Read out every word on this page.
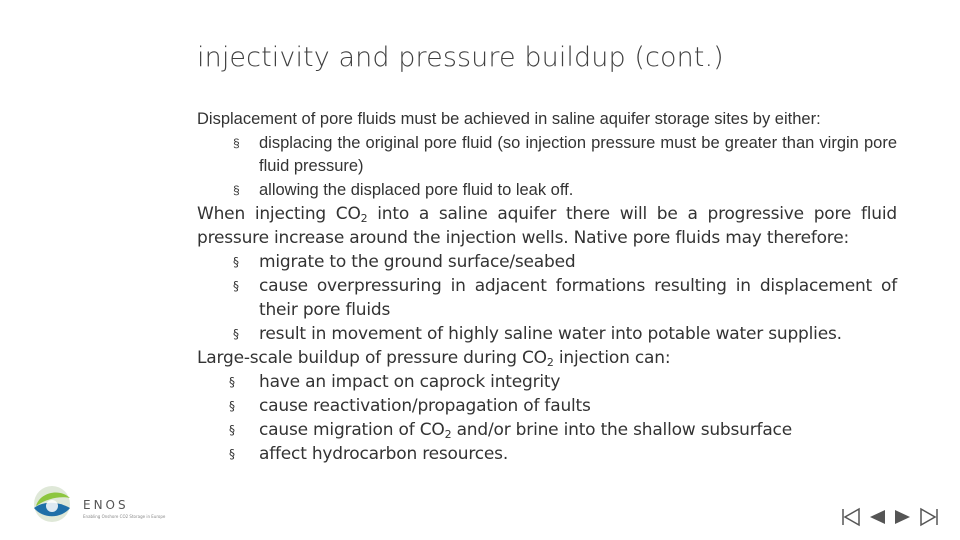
injectivity and pressure buildup (cont.)

Displacement of pore fluids must be achieved in saline aquifer storage sites by either:

§ displacing the original pore fluid (so injection pressure must be greater than virgin pore fluid pressure)
§ allowing the displaced pore fluid to leak off.

When injecting $CO_2$ into a saline aquifer there will be a progressive pore fluid pressure increase around the injection wells. Native pore fluids may therefore:

§ migrate to the ground surface/seabed
§ cause overpressuring in adjacent formations resulting in displacement of their pore fluids
§ result in movement of highly saline water into potable water supplies.

Large-scale buildup of pressure during $CO_2$ injection can:

§ have an impact on caprock integrity
§ cause reactivation/propagation of faults
§ cause migration of $CO_2$ and/or brine into the shallow subsurface
§ affect hydrocarbon resources.
ENOS
Enabling Onshore CO2 Storage in Europe
